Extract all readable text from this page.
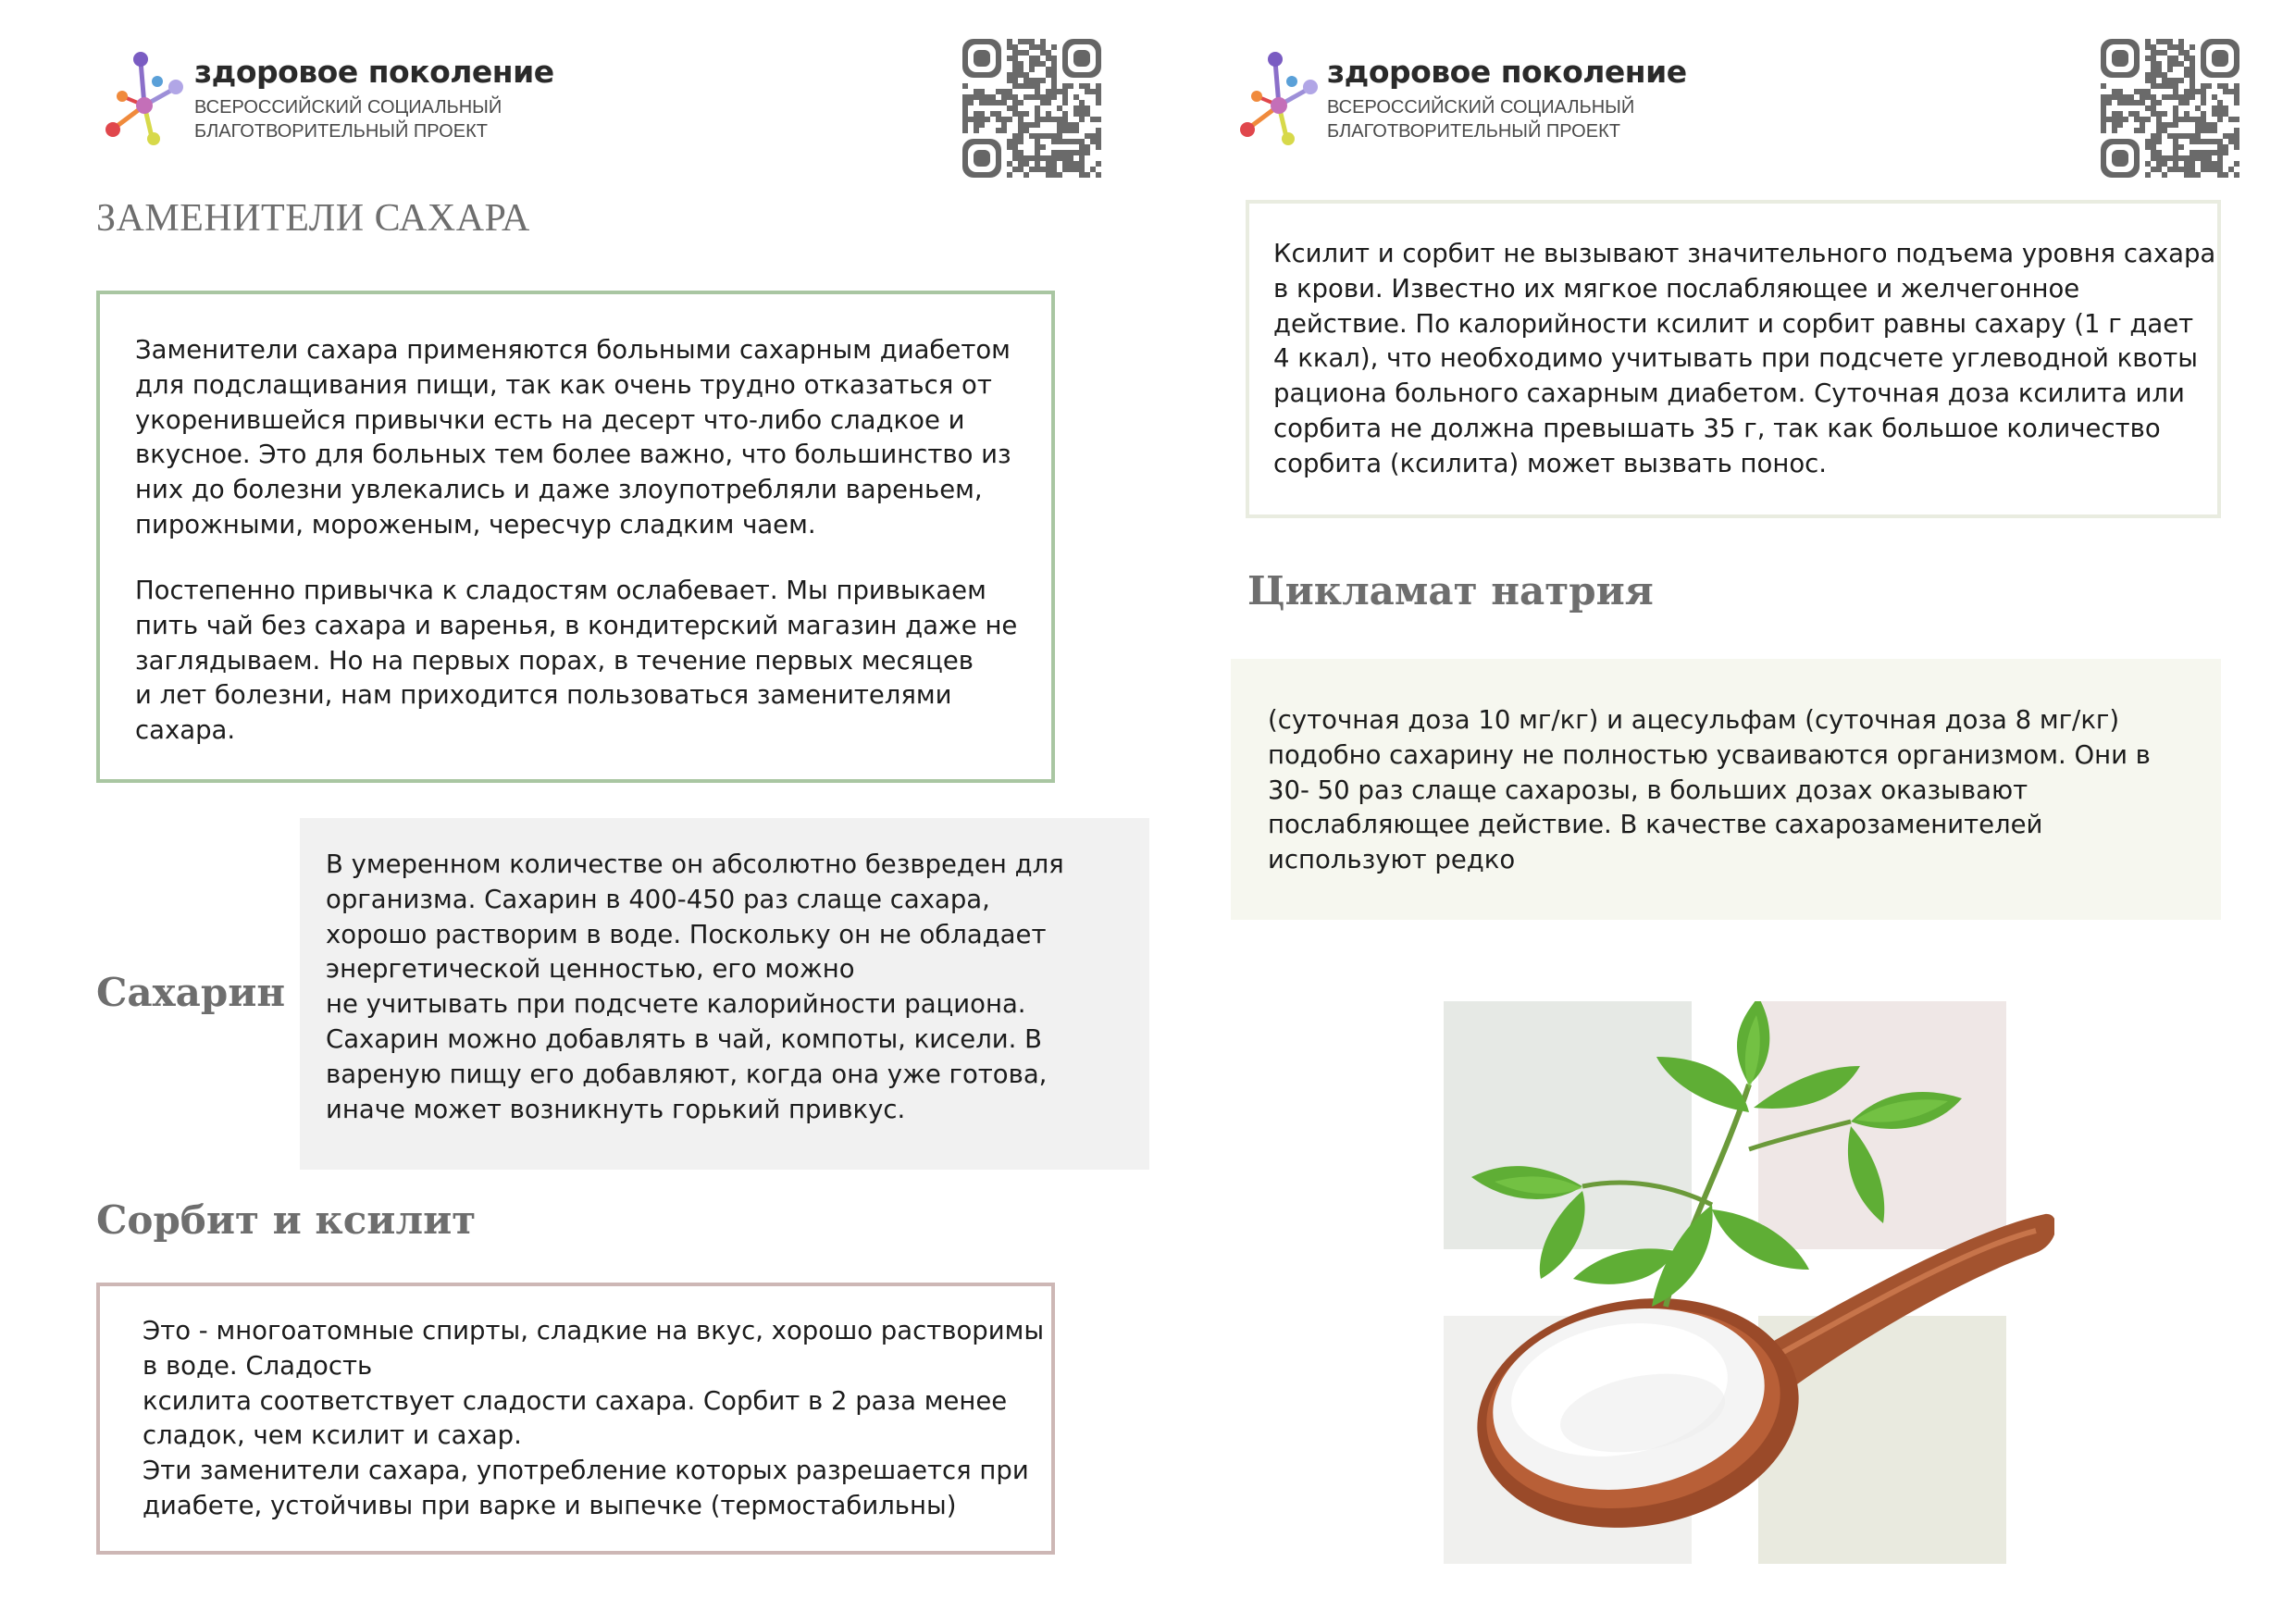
здоровое поколение
ВСЕРОССИЙСКИЙ СОЦИАЛЬНЫЙ
БЛАГОТВОРИТЕЛЬНЫЙ ПРОЕКТ
ЗАМЕНИТЕЛИ САХАРА
Заменители сахара применяются больными сахарным диабетом
для подслащивания пищи, так как очень трудно отказаться от
укоренившейся привычки есть на десерт что-либо сладкое и
вкусное. Это для больных тем более важно, что большинство из
них до болезни увлекались и даже злоупотребляли вареньем,
пирожными, мороженым, чересчур сладким чаем.
Постепенно привычка к сладостям ослабевает. Мы привыкаем
пить чай без сахара и варенья, в кондитерский магазин даже не
заглядываем. Но на первых порах, в течение первых месяцев
и лет болезни, нам приходится пользоваться заменителями
сахара.
Сахарин
В умеренном количестве он абсолютно безвреден для
организма. Сахарин в 400-450 раз слаще сахара,
хорошо растворим в воде. Поскольку он не обладает
энергетической ценностью, его можно
не учитывать при подсчете калорийности рациона.
Сахарин можно добавлять в чай, компоты, кисели. В
вареную пищу его добавляют, когда она уже готова,
иначе может возникнуть горький привкус.
Сорбит и ксилит
Это - многоатомные спирты, сладкие на вкус, хорошо растворимы
в воде. Сладость
ксилита соответствует сладости сахара. Сорбит в 2 раза менее
сладок, чем ксилит и сахар.
Эти заменители сахара, употребление которых разрешается при
диабете, устойчивы при варке и выпечке (термостабильны)
здоровое поколение
ВСЕРОССИЙСКИЙ СОЦИАЛЬНЫЙ
БЛАГОТВОРИТЕЛЬНЫЙ ПРОЕКТ
Ксилит и сорбит не вызывают значительного подъема уровня сахара
в крови. Известно их мягкое послабляющее и желчегонное
действие. По калорийности ксилит и сорбит равны сахару (1 г дает
4 ккал), что необходимо учитывать при подсчете углеводной квоты
рациона больного сахарным диабетом. Суточная доза ксилита или
сорбита не должна превышать 35 г, так как большое количество
сорбита (ксилита) может вызвать понос.
Цикламат натрия
(суточная доза 10 мг/кг) и ацесульфам (суточная доза 8 мг/кг)
подобно сахарину не полностью усваиваются организмом. Они в
30- 50 раз слаще сахарозы, в больших дозах оказывают
послабляющее действие. В качестве сахарозаменителей
используют редко
